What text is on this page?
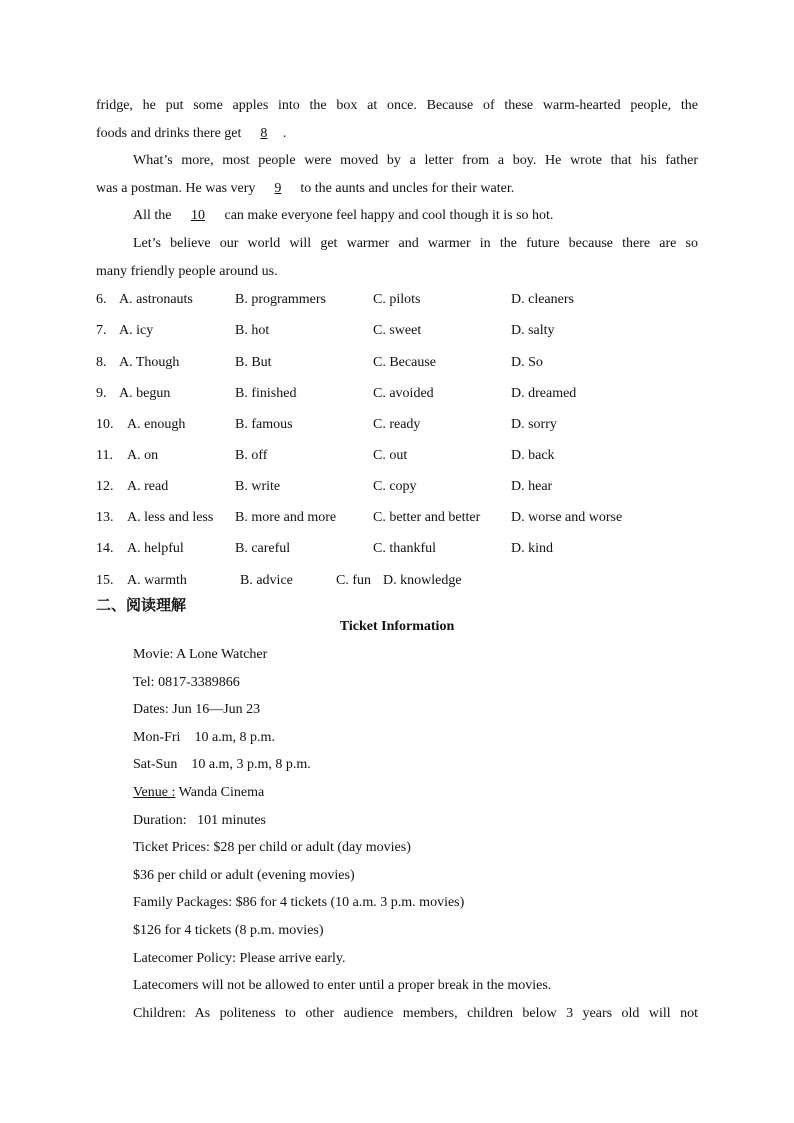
fridge, he put some apples into the box at once. Because of these warm-hearted people, the
foods and drinks there get 8 .
What’s more, most people were moved by a letter from a boy. He wrote that his father
was a postman. He was very 9 to the aunts and uncles for their water.
All the 10 can make everyone feel happy and cool though it is so hot.
Let’s believe our world will get warmer and warmer in the future because there are so
many friendly people around us.
6. A. astronauts	B. programmers	C. pilots	D. cleaners
7. A. icy	B. hot	C. sweet	D. salty
8. A. Though	B. But	C. Because	D. So
9. A. begun	B. finished	C. avoided	D. dreamed
10. A. enough	B. famous	C. ready	D. sorry
11. A. on	B. off	C. out	D. back
12. A. read	B. write	C. copy	D. hear
13. A. less and less B. more and more	C. better and better D. worse and worse
14. A. helpful	B. careful	C. thankful	D. kind
15. A. warmth	B. advice	C. fun D. knowledge
二、阅读理解
Ticket Information
Movie: A Lone Watcher
Tel: 0817-3389866
Dates: Jun 16—Jun 23
Mon-Fri    10 a.m, 8 p.m.
Sat-Sun    10 a.m, 3 p.m, 8 p.m.
Venue : Wanda Cinema
Duration:   101 minutes
Ticket Prices: $28 per child or adult (day movies)
$36 per child or adult (evening movies)
Family Packages: $86 for 4 tickets (10 a.m. 3 p.m. movies)
$126 for 4 tickets (8 p.m. movies)
Latecomer Policy: Please arrive early.
Latecomers will not be allowed to enter until a proper break in the movies.
Children: As politeness to other audience members, children below 3 years old will not
